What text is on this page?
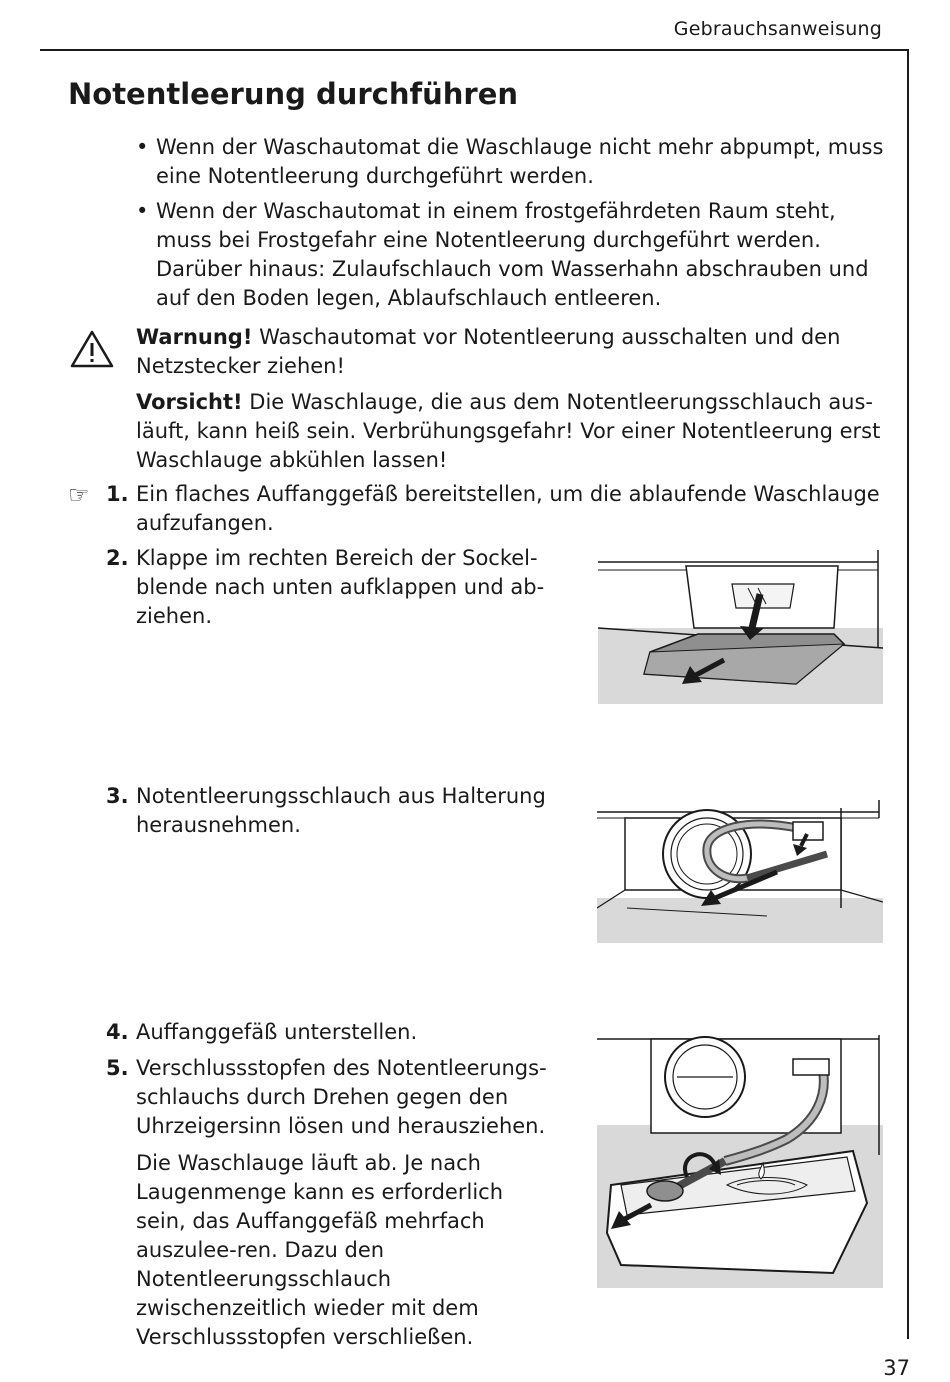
Gebrauchsanweisung
Notentleerung durchführen
• Wenn der Waschautomat die Waschlauge nicht mehr abpumpt, muss eine Notentleerung durchgeführt werden.
• Wenn der Waschautomat in einem frostgefährdeten Raum steht, muss bei Frostgefahr eine Notentleerung durchgeführt werden. Darüber hinaus: Zulaufschlauch vom Wasserhahn abschrauben und auf den Boden legen, Ablaufschlauch entleeren.

Warnung! Waschautomat vor Notentleerung ausschalten und den Netzstecker ziehen!

Vorsicht! Die Waschlauge, die aus dem Notentleerungsschlauch aus-läuft, kann heiß sein. Verbrühungsgefahr! Vor einer Notentleerung erst Waschlauge abkühlen lassen!

☞ 1. Ein flaches Auffanggefäß bereitstellen, um die ablaufende Waschlauge aufzufangen.
2. Klappe im rechten Bereich der Sockel-blende nach unten aufklappen und ab-ziehen.
3. Notentleerungsschlauch aus Halterung herausnehmen.
4. Auffanggefäß unterstellen.
5. Verschlussstopfen des Notentleerungs-schlauchs durch Drehen gegen den Uhrzeigersinn lösen und herausziehen.

Die Waschlauge läuft ab. Je nach Laugenmenge kann es erforderlich sein, das Auffanggefäß mehrfach auszulee-ren. Dazu den Notentleerungsschlauch zwischenzeitlich wieder mit dem Verschlussstopfen verschließen.

37
